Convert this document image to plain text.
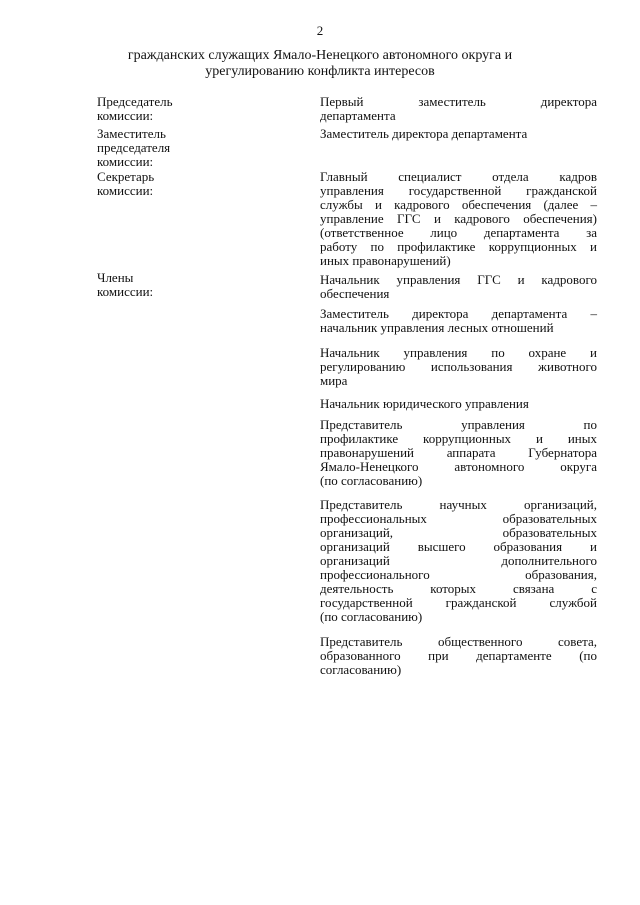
2
гражданских служащих Ямало-Ненецкого автономного округа и
урегулированию конфликта интересов
Председатель
комиссии:
Заместитель
председателя
комиссии:
Секретарь
комиссии:
Члены
комиссии:
Первый заместитель директора
департамента
Заместитель директора департамента
Главный специалист отдела кадров
управления государственной гражданской
службы и кадрового обеспечения (далее –
управление ГГС и кадрового обеспечения)
(ответственное лицо департамента за
работу по профилактике коррупционных и
иных правонарушений)
Начальник управления ГГС и кадрового
обеспечения
Заместитель директора департамента –
начальник управления лесных отношений
Начальник управления по охране и
регулированию использования животного
мира
Начальник юридического управления
Представитель управления по
профилактике коррупционных и иных
правонарушений аппарата Губернатора
Ямало-Ненецкого автономного округа
(по согласованию)
Представитель научных организаций,
профессиональных образовательных
организаций, образовательных
организаций высшего образования и
организаций дополнительного
профессионального образования,
деятельность которых связана с
государственной гражданской службой
(по согласованию)
Представитель общественного совета,
образованного при департаменте (по
согласованию)
